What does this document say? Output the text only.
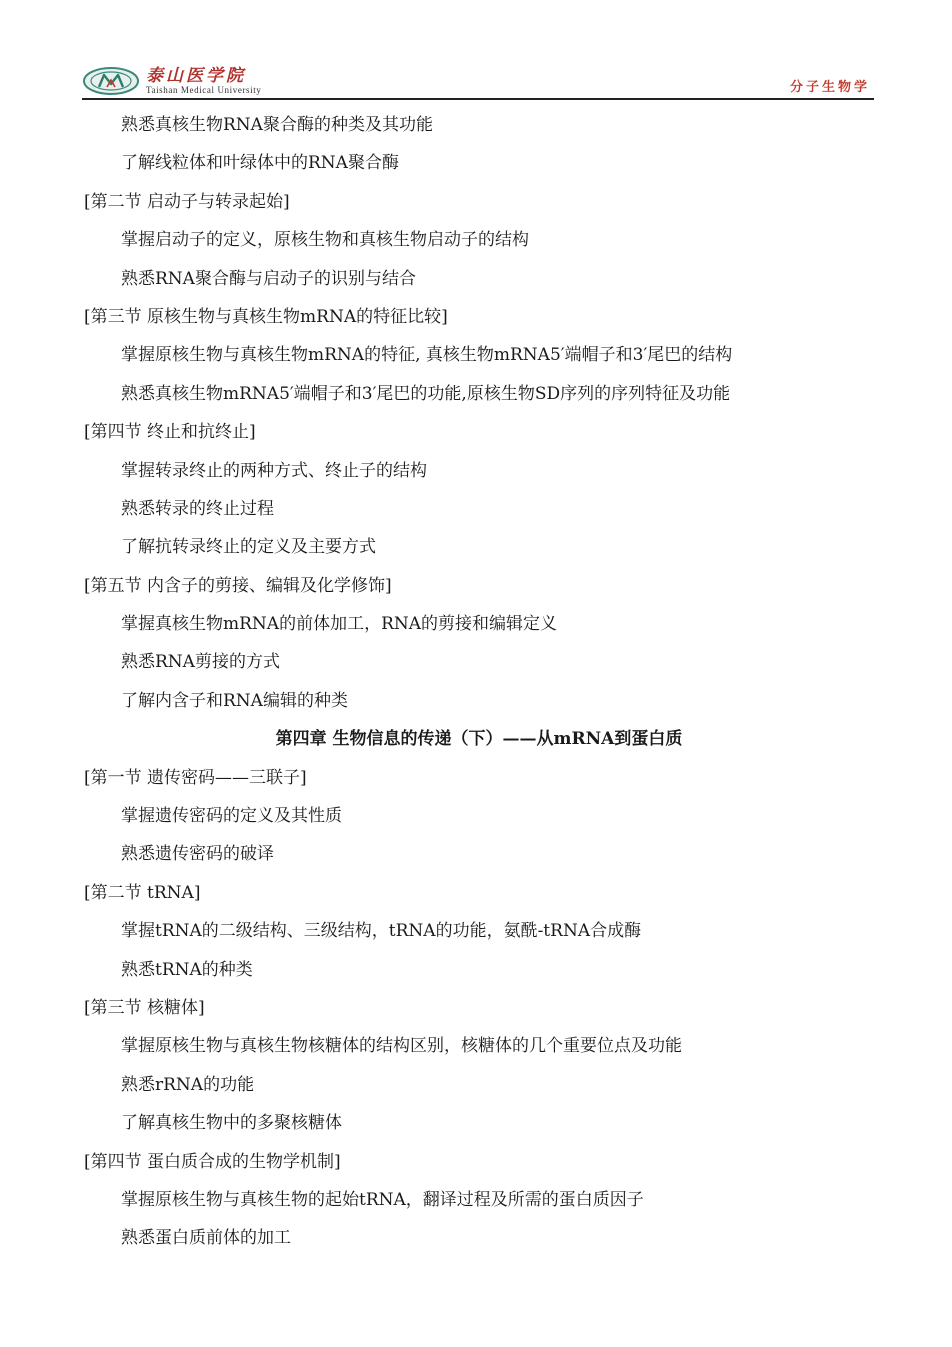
泰山医学院
Taishan Medical University	分子生物学
熟悉真核生物RNA聚合酶的种类及其功能
了解线粒体和叶绿体中的RNA聚合酶
[第二节 启动子与转录起始]
掌握启动子的定义，原核生物和真核生物启动子的结构
熟悉RNA聚合酶与启动子的识别与结合
[第三节 原核生物与真核生物mRNA的特征比较]
掌握原核生物与真核生物mRNA的特征, 真核生物mRNA5′端帽子和3′尾巴的结构
熟悉真核生物mRNA5′端帽子和3′尾巴的功能,原核生物SD序列的序列特征及功能
[第四节 终止和抗终止]
掌握转录终止的两种方式、终止子的结构
熟悉转录的终止过程
了解抗转录终止的定义及主要方式
[第五节 内含子的剪接、编辑及化学修饰]
掌握真核生物mRNA的前体加工，RNA的剪接和编辑定义
熟悉RNA剪接的方式
了解内含子和RNA编辑的种类
第四章 生物信息的传递（下）——从mRNA到蛋白质
[第一节 遗传密码——三联子]
掌握遗传密码的定义及其性质
熟悉遗传密码的破译
[第二节 tRNA]
掌握tRNA的二级结构、三级结构，tRNA的功能，氨酰-tRNA合成酶
熟悉tRNA的种类
[第三节 核糖体]
掌握原核生物与真核生物核糖体的结构区别，核糖体的几个重要位点及功能
熟悉rRNA的功能
了解真核生物中的多聚核糖体
[第四节 蛋白质合成的生物学机制]
掌握原核生物与真核生物的起始tRNA，翻译过程及所需的蛋白质因子
熟悉蛋白质前体的加工
